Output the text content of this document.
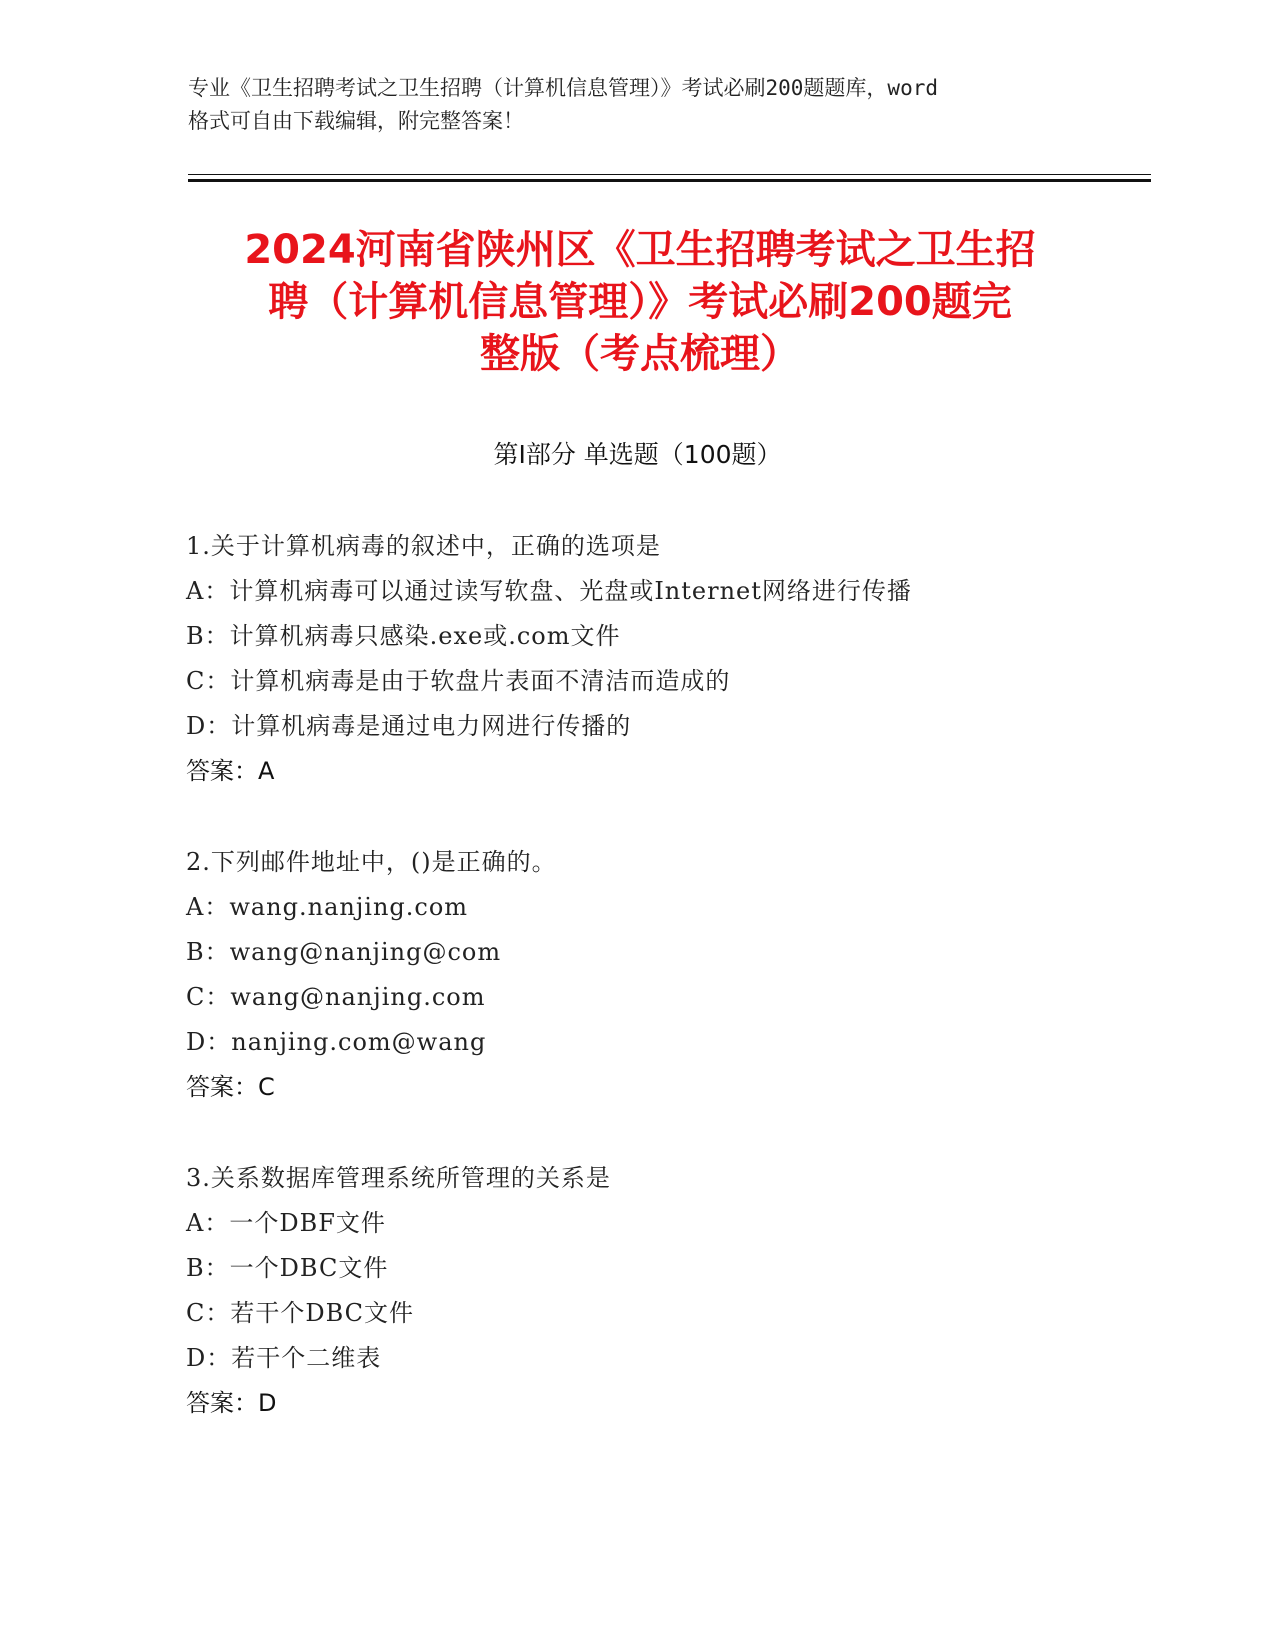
专业《卫生招聘考试之卫生招聘（计算机信息管理）》考试必刷200题题库，word
格式可自由下载编辑，附完整答案！
2024河南省陕州区《卫生招聘考试之卫生招
聘（计算机信息管理）》考试必刷200题完
整版（考点梳理）
第Ⅰ部分 单选题（100题）
1.关于计算机病毒的叙述中，正确的选项是
A：计算机病毒可以通过读写软盘、光盘或Internet网络进行传播
B：计算机病毒只感染.exe或.com文件
C：计算机病毒是由于软盘片表面不清洁而造成的
D：计算机病毒是通过电力网进行传播的
答案：A
2.下列邮件地址中，()是正确的。
A：wang.nanjing.com
B：wang@nanjing@com
C：wang@nanjing.com
D：nanjing.com@wang
答案：C
3.关系数据库管理系统所管理的关系是
A：一个DBF文件
B：一个DBC文件
C：若干个DBC文件
D：若干个二维表
答案：D
